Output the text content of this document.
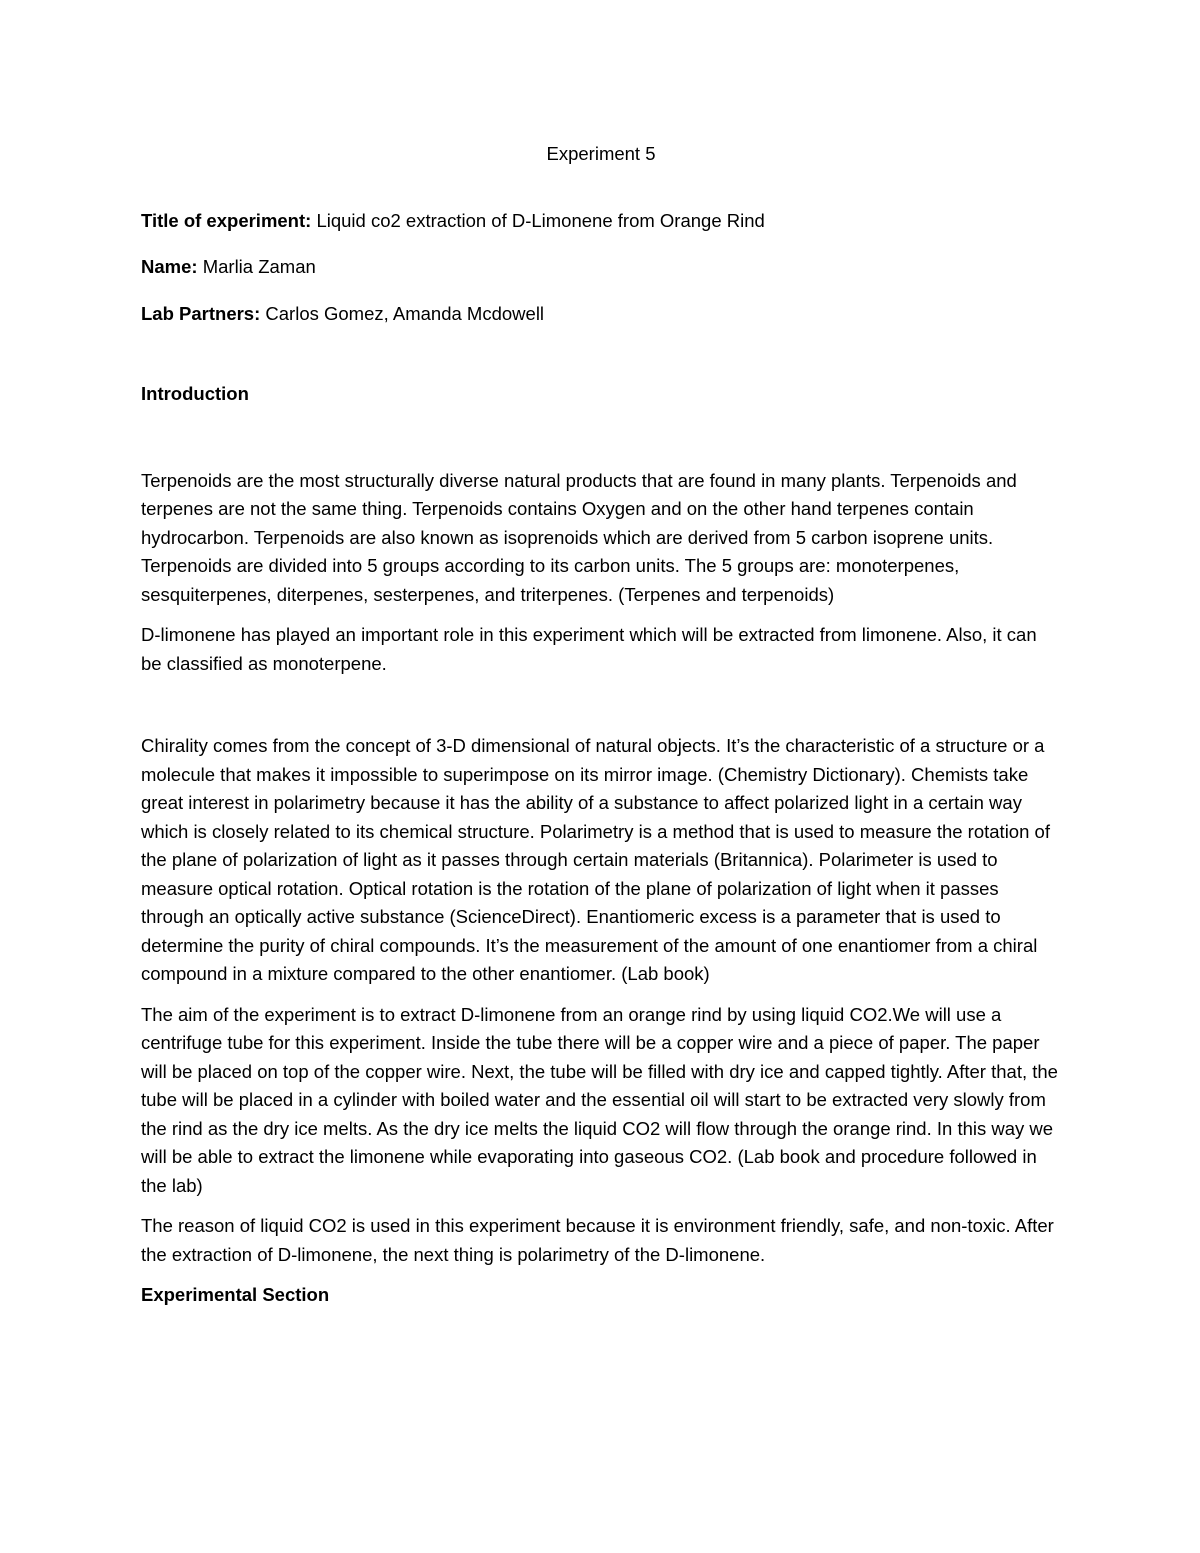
Experiment 5
Title of experiment: Liquid co2 extraction of D-Limonene from Orange Rind
Name: Marlia Zaman
Lab Partners: Carlos Gomez, Amanda Mcdowell
Introduction

Terpenoids are the most structurally diverse natural products that are found in many plants. Terpenoids and terpenes are not the same thing. Terpenoids contains Oxygen and on the other hand terpenes contain hydrocarbon. Terpenoids are also known as isoprenoids which are derived from 5 carbon isoprene units. Terpenoids are divided into 5 groups according to its carbon units. The 5 groups are: monoterpenes, sesquiterpenes, diterpenes, sesterpenes, and triterpenes. (Terpenes and terpenoids)

D-limonene has played an important role in this experiment which will be extracted from limonene. Also, it can be classified as monoterpene.

Chirality comes from the concept of 3-D dimensional of natural objects. It’s the characteristic of a structure or a molecule that makes it impossible to superimpose on its mirror image. (Chemistry Dictionary). Chemists take great interest in polarimetry because it has the ability of a substance to affect polarized light in a certain way which is closely related to its chemical structure. Polarimetry is a method that is used to measure the rotation of the plane of polarization of light as it passes through certain materials (Britannica). Polarimeter is used to measure optical rotation. Optical rotation is the rotation of the plane of polarization of light when it passes through an optically active substance (ScienceDirect). Enantiomeric excess is a parameter that is used to determine the purity of chiral compounds. It’s the measurement of the amount of one enantiomer from a chiral compound in a mixture compared to the other enantiomer. (Lab book)

The aim of the experiment is to extract D-limonene from an orange rind by using liquid CO2.We will use a centrifuge tube for this experiment. Inside the tube there will be a copper wire and a piece of paper. The paper will be placed on top of the copper wire. Next, the tube will be filled with dry ice and capped tightly. After that, the tube will be placed in a cylinder with boiled water and the essential oil will start to be extracted very slowly from the rind as the dry ice melts. As the dry ice melts the liquid CO2 will flow through the orange rind. In this way we will be able to extract the limonene while evaporating into gaseous CO2. (Lab book and procedure followed in the lab)

The reason of liquid CO2 is used in this experiment because it is environment friendly, safe, and non-toxic. After the extraction of D-limonene, the next thing is polarimetry of the D-limonene.

Experimental Section
